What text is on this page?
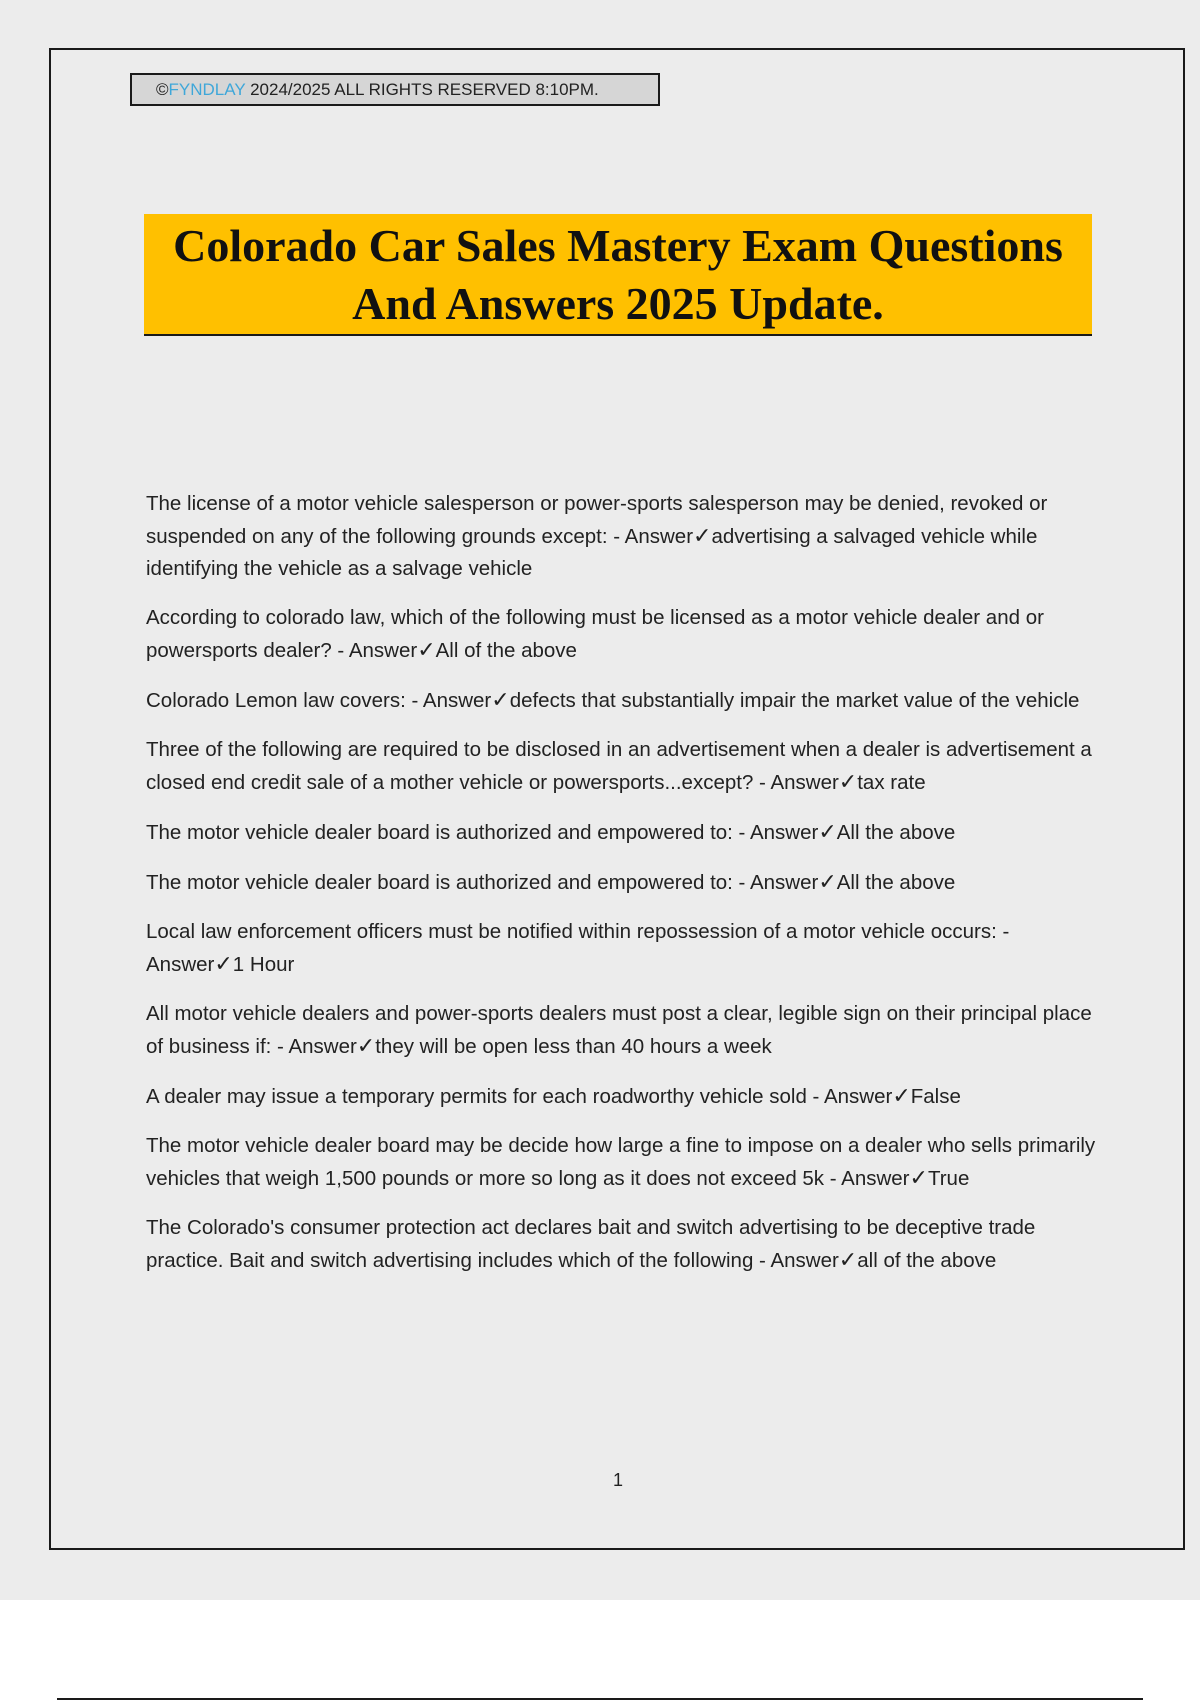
©FYNDLAY 2024/2025 ALL RIGHTS RESERVED 8:10PM.
Colorado Car Sales Mastery Exam Questions
And Answers 2025 Update.

The license of a motor vehicle salesperson or power-sports salesperson may be denied, revoked or suspended on any of the following grounds except: - Answer✓advertising a salvaged vehicle while identifying the vehicle as a salvage vehicle

According to colorado law, which of the following must be licensed as a motor vehicle dealer and or powersports dealer? - Answer✓All of the above

Colorado Lemon law covers: - Answer✓defects that substantially impair the market value of the vehicle

Three of the following are required to be disclosed in an advertisement when a dealer is advertisement a closed end credit sale of a mother vehicle or powersports...except? - Answer✓tax rate

The motor vehicle dealer board is authorized and empowered to: - Answer✓All the above

The motor vehicle dealer board is authorized and empowered to: - Answer✓All the above

Local law enforcement officers must be notified within repossession of a motor vehicle occurs: - Answer✓1 Hour

All motor vehicle dealers and power-sports dealers must post a clear, legible sign on their principal place of business if: - Answer✓they will be open less than 40 hours a week

A dealer may issue a temporary permits for each roadworthy vehicle sold - Answer✓False

The motor vehicle dealer board may be decide how large a fine to impose on a dealer who sells primarily vehicles that weigh 1,500 pounds or more so long as it does not exceed 5k - Answer✓True

The Colorado's consumer protection act declares bait and switch advertising to be deceptive trade practice. Bait and switch advertising includes which of the following - Answer✓all of the above

1
